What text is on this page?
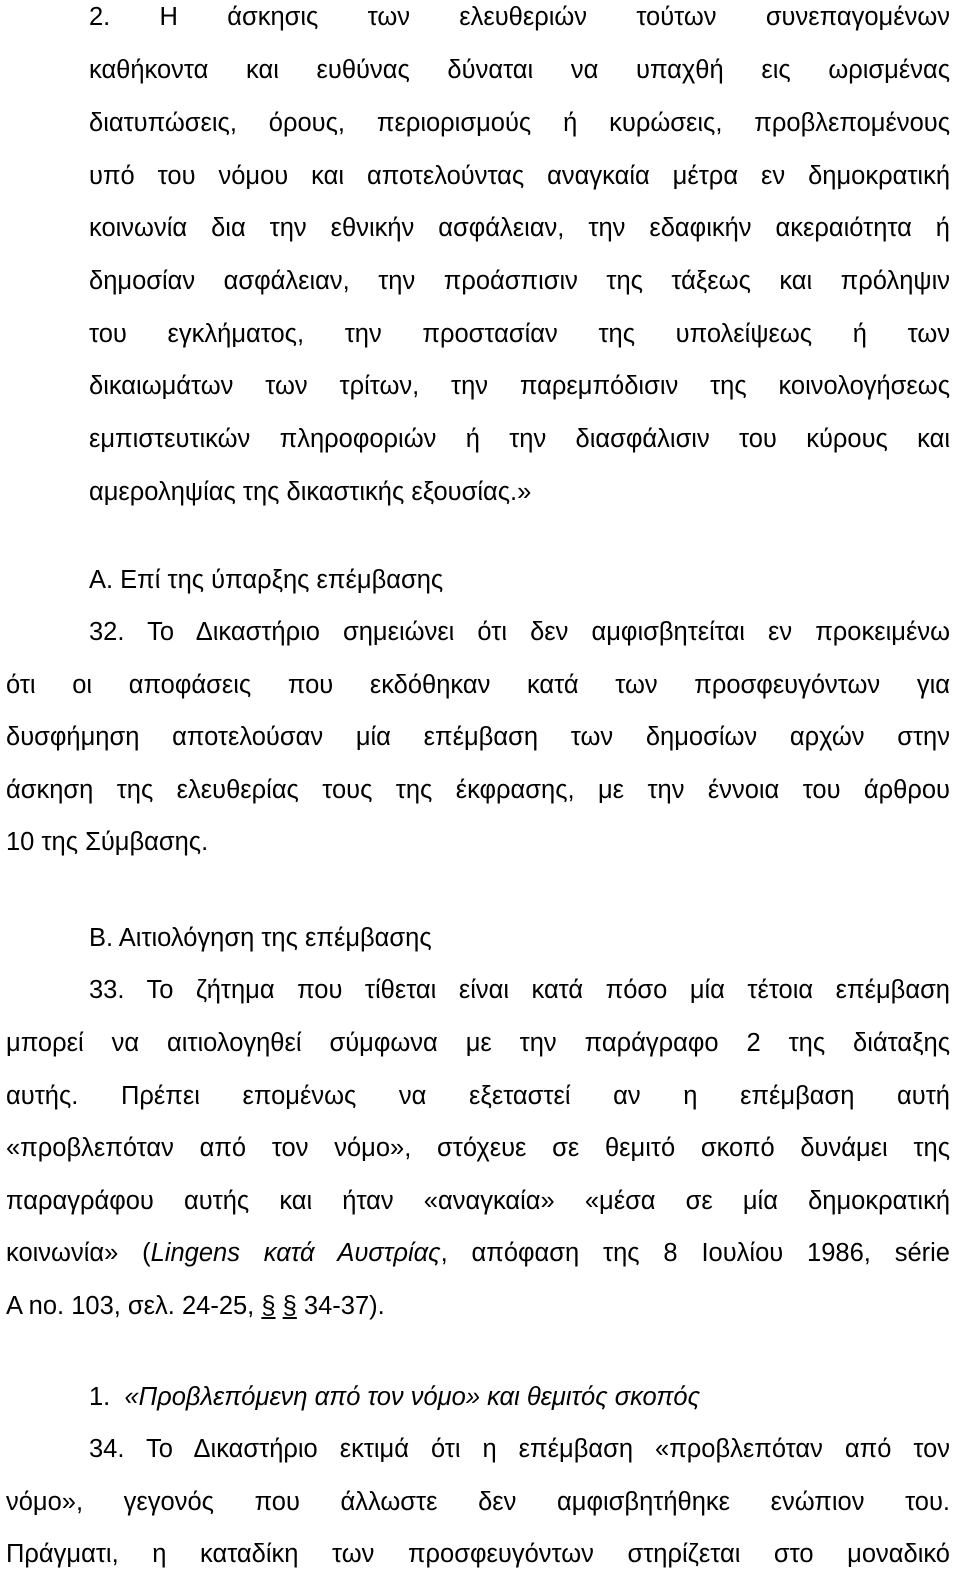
2. Η άσκησις των ελευθεριών τούτων συνεπαγομένων
καθήκοντα και ευθύνας δύναται να υπαχθή εις ωρισμένας
διατυπώσεις, όρους, περιορισμούς ή κυρώσεις, προβλεπομένους
υπό του νόμου και αποτελούντας αναγκαία μέτρα εν δημοκρατική
κοινωνία δια την εθνικήν ασφάλειαν, την εδαφικήν ακεραιότητα ή
δημοσίαν ασφάλειαν, την προάσπισιν της τάξεως και πρόληψιν
του εγκλήματος, την προστασίαν της υπολείψεως ή των
δικαιωμάτων των τρίτων, την παρεμπόδισιν της κοινολογήσεως
εμπιστευτικών πληροφοριών ή την διασφάλισιν του κύρους και
αμεροληψίας της δικαστικής εξουσίας.»
Α. Επί της ύπαρξης επέμβασης
32. Το Δικαστήριο σημειώνει ότι δεν αμφισβητείται εν προκειμένω
ότι οι αποφάσεις που εκδόθηκαν κατά των προσφευγόντων για
δυσφήμηση αποτελούσαν μία επέμβαση των δημοσίων αρχών στην
άσκηση της ελευθερίας τους της έκφρασης, με την έννοια του άρθρου
10 της Σύμβασης.
Β. Αιτιολόγηση της επέμβασης
33. Το ζήτημα που τίθεται είναι κατά πόσο μία τέτοια επέμβαση
μπορεί να αιτιολογηθεί σύμφωνα με την παράγραφο 2 της διάταξης
αυτής. Πρέπει επομένως να εξεταστεί αν η επέμβαση αυτή
«προβλεπόταν από τον νόμο», στόχευε σε θεμιτό σκοπό δυνάμει της
παραγράφου αυτής και ήταν «αναγκαία» «μέσα σε μία δημοκρατική
κοινωνία» (Lingens κατά Αυστρίας, απόφαση της 8 Ιουλίου 1986, série
A no. 103, σελ. 24-25, § § 34-37).
1. «Προβλεπόμενη από τον νόμο» και θεμιτός σκοπός
34. Το Δικαστήριο εκτιμά ότι η επέμβαση «προβλεπόταν από τον
νόμο», γεγονός που άλλωστε δεν αμφισβητήθηκε ενώπιον του.
Πράγματι, η καταδίκη των προσφευγόντων στηρίζεται στο μοναδικό
